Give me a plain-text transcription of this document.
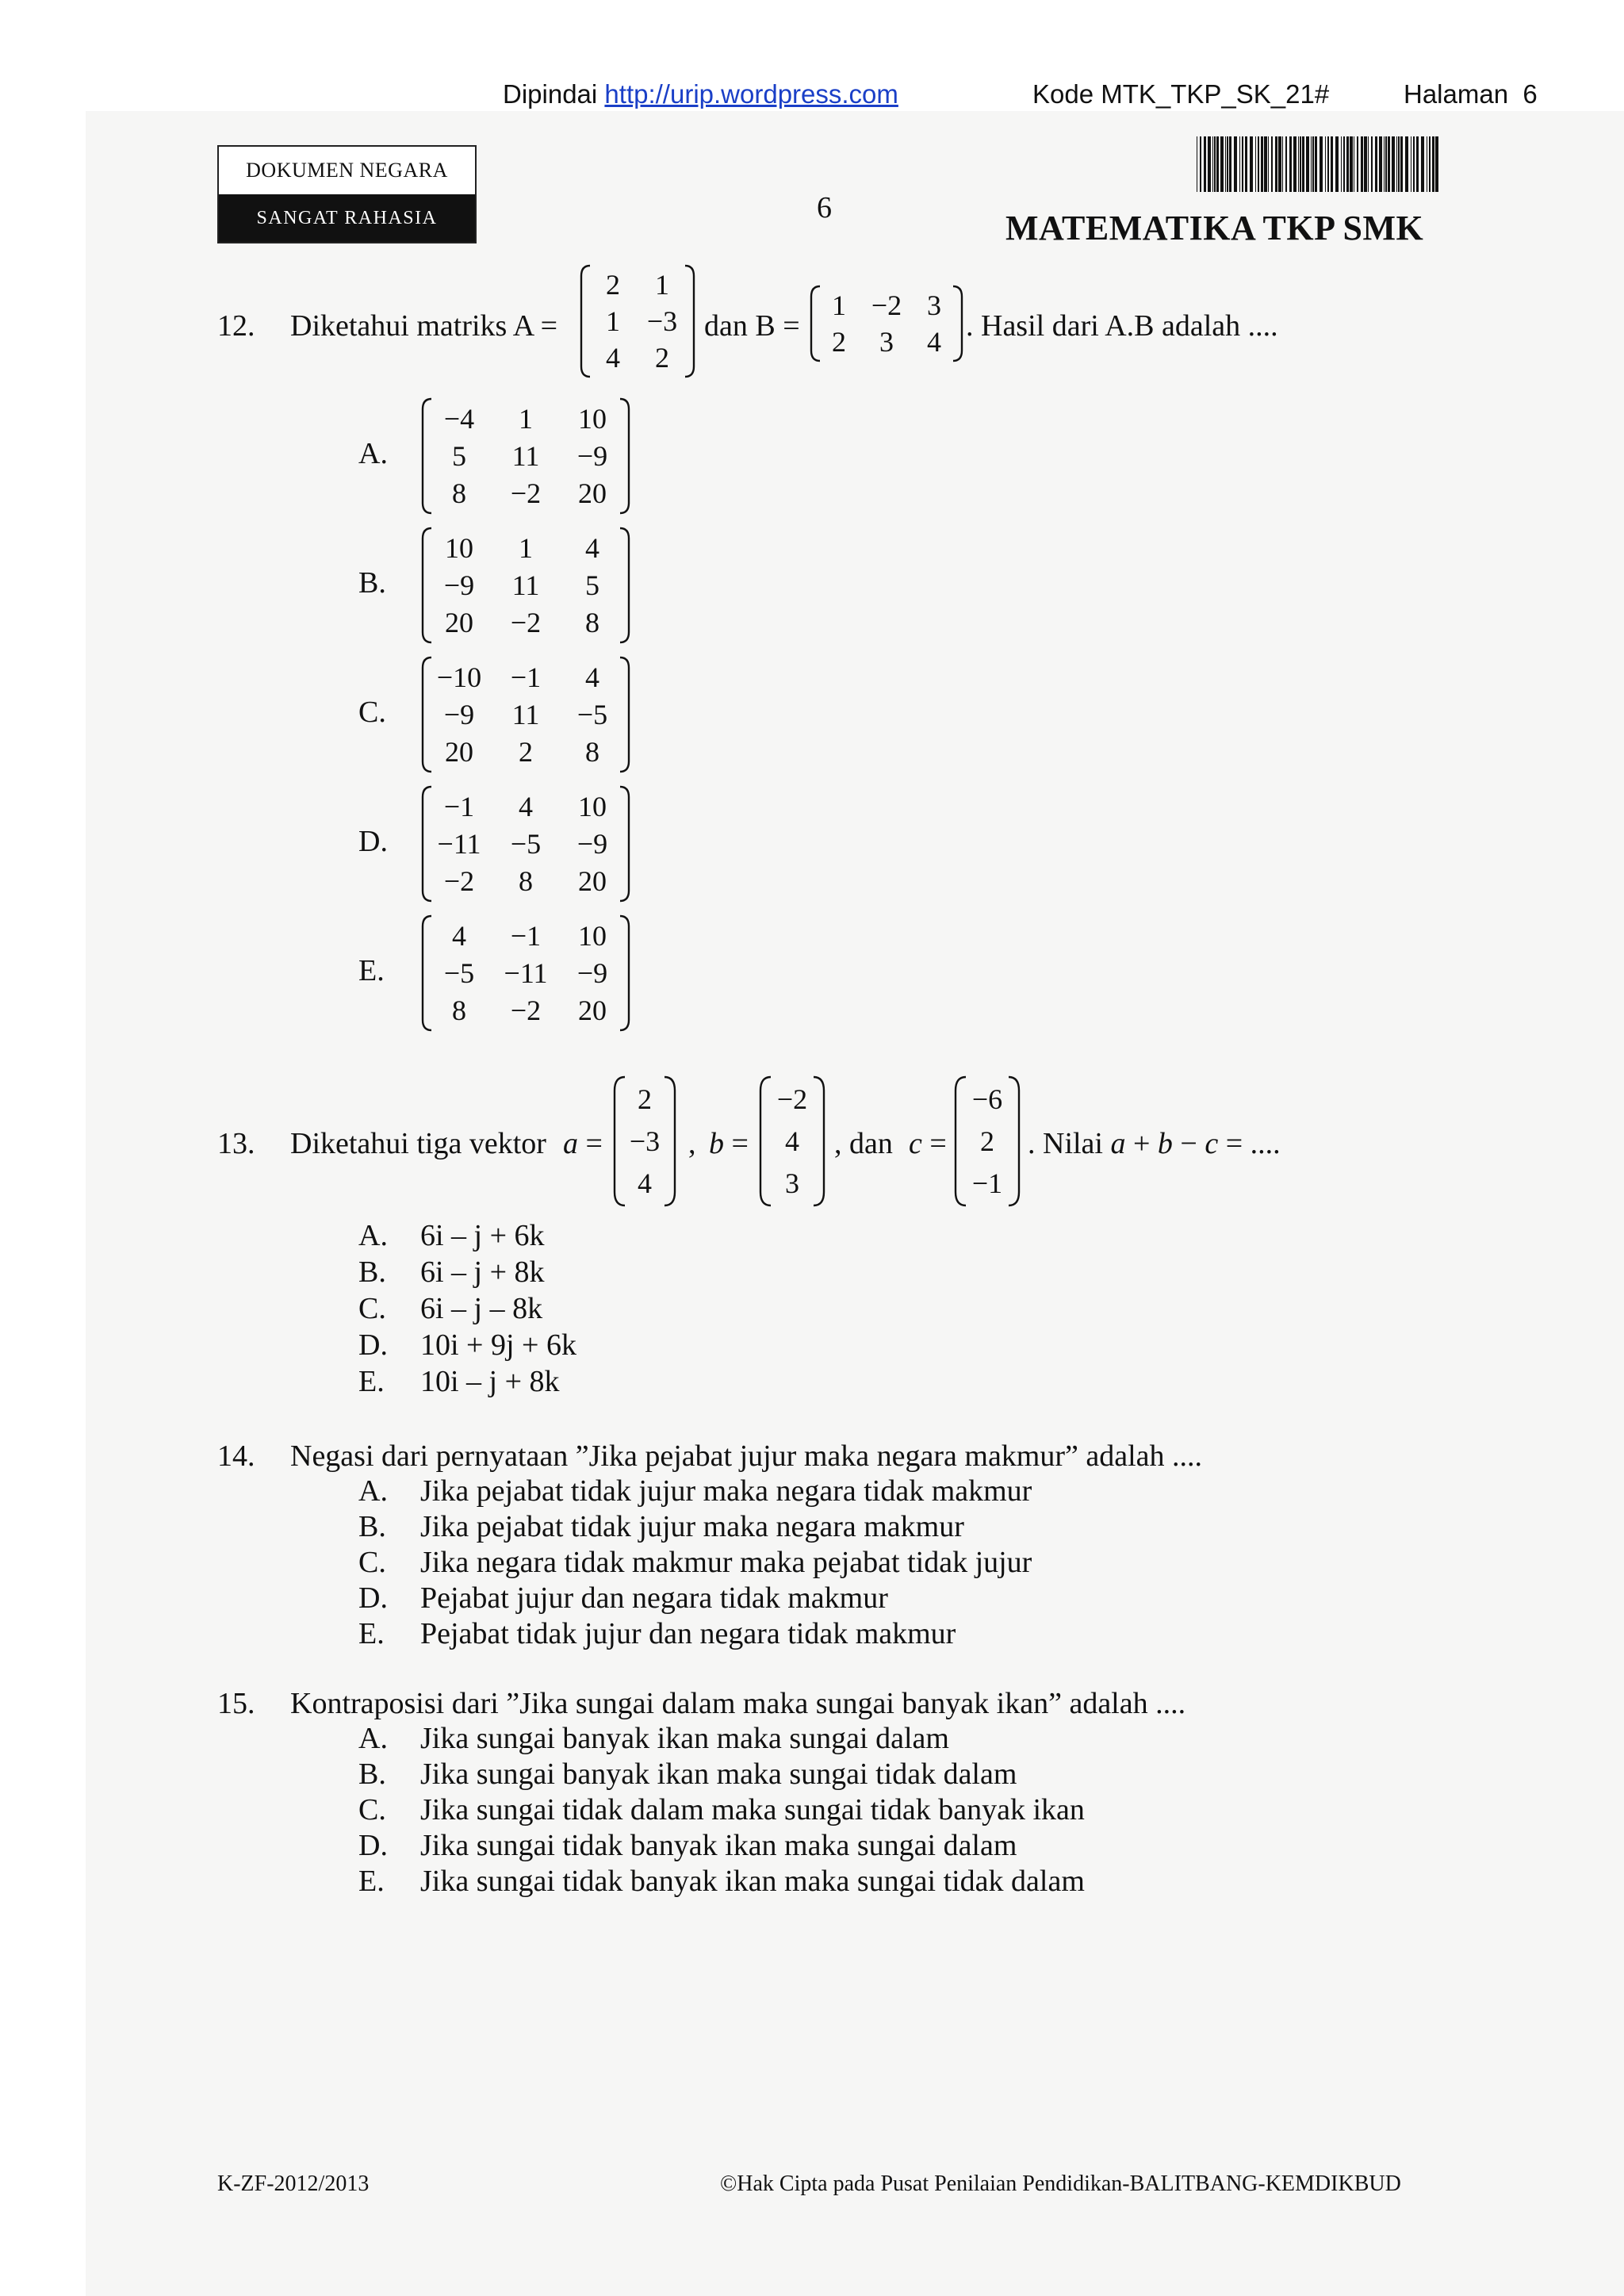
Dipindai http://urip.wordpress.com	Kode MTK_TKP_SK_21#	Halaman 6
DOKUMEN NEGARA
SANGAT RAHASIA	6
MATEMATIKA TKP SMK
12. Diketahui matriks A =
2	1
1 −3
4	2
dan B =
1 −2 3
2	3	4 . Hasil dari A.B adalah ....
A.
−4	1	10
5	11	−9
8	−2	20
B.
10	1	4
−9	11	5
20	−2	8
C.
−10	−1	4
−9	11	−5
20	2	8
D.
−1	4	10
−11	−5	−9
−2	8	20
E.
4	−1	10
−5	−11	−9
8	−2	20
13. Diketahui tiga vektor a =
2
−3
4
, b =
−2
4
3
, dan c =
−6
2
−1
. Nilai a + b − c = ....
A. 6i – j + 6k
B. 6i – j + 8k
C. 6i – j – 8k
D. 10i + 9j + 6k
E. 10i – j + 8k
14. Negasi dari pernyataan ”Jika pejabat jujur maka negara makmur” adalah ....
A. Jika pejabat tidak jujur maka negara tidak makmur
B. Jika pejabat tidak jujur maka negara makmur
C. Jika negara tidak makmur maka pejabat tidak jujur
D. Pejabat jujur dan negara tidak makmur
E. Pejabat tidak jujur dan negara tidak makmur
15. Kontraposisi dari ”Jika sungai dalam maka sungai banyak ikan” adalah ....
A. Jika sungai banyak ikan maka sungai dalam
B. Jika sungai banyak ikan maka sungai tidak dalam
C. Jika sungai tidak dalam maka sungai tidak banyak ikan
D. Jika sungai tidak banyak ikan maka sungai dalam
E. Jika sungai tidak banyak ikan maka sungai tidak dalam
K-ZF-2012/2013	©Hak Cipta pada Pusat Penilaian Pendidikan-BALITBANG-KEMDIKBUD
